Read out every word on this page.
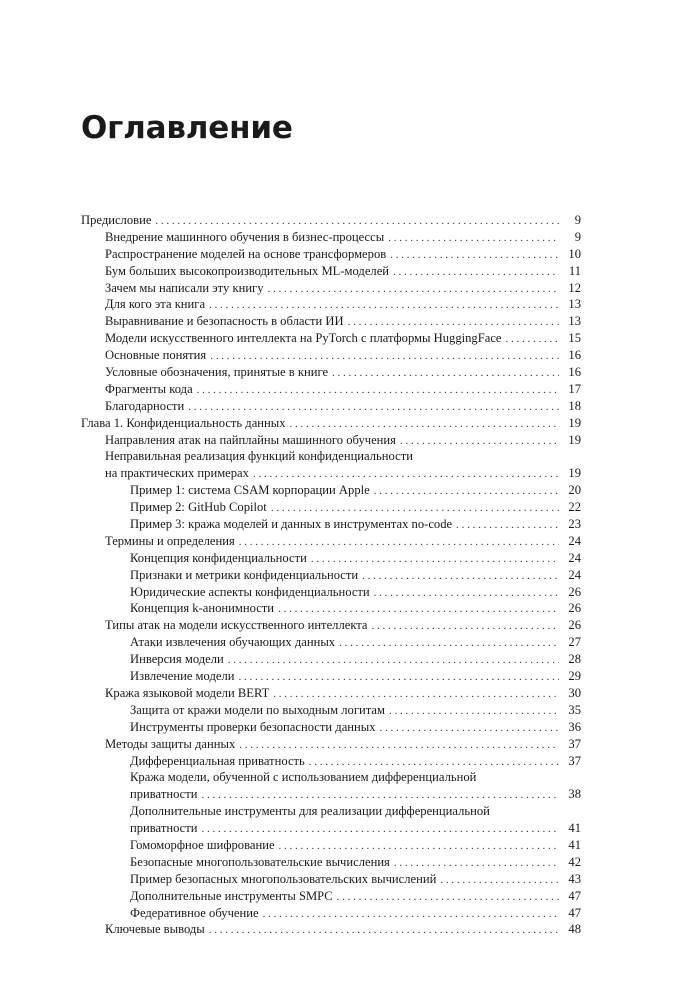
Оглавление
Предисловие . . .	9
Внедрение машинного обучения в бизнес-процессы . . .	9
Распространение моделей на основе трансформеров . . .	10
Бум больших высокопроизводительных ML-моделей . . .	11
Зачем мы написали эту книгу . . .	12
Для кого эта книга . . .	13
Выравнивание и безопасность в области ИИ . . .	13
Модели искусственного интеллекта на PyTorch с платформы HuggingFace . . .	15
Основные понятия . . .	16
Условные обозначения, принятые в книге . . .	16
Фрагменты кода . . .	17
Благодарности . . .	18
Глава 1. Конфиденциальность данных . . .	19
Направления атак на пайплайны машинного обучения . . .	19
Неправильная реализация функций конфиденциальности
на практических примерах . . .	19
Пример 1: система CSAM корпорации Apple . . .	20
Пример 2: GitHub Copilot . . .	22
Пример 3: кража моделей и данных в инструментах no-code . . .	23
Термины и определения . . .	24
Концепция конфиденциальности . . .	24
Признаки и метрики конфиденциальности . . .	24
Юридические аспекты конфиденциальности . . .	26
Концепция k-анонимности . . .	26
Типы атак на модели искусственного интеллекта . . .	26
Атаки извлечения обучающих данных . . .	27
Инверсия модели . . .	28
Извлечение модели . . .	29
Кража языковой модели BERT . . .	30
Защита от кражи модели по выходным логитам . . .	35
Инструменты проверки безопасности данных . . .	36
Методы защиты данных . . .	37
Дифференциальная приватность . . .	37
Кража модели, обученной с использованием дифференциальной
приватности . . .	38
Дополнительные инструменты для реализации дифференциальной
приватности . . .	41
Гомоморфное шифрование . . .	41
Безопасные многопользовательские вычисления . . .	42
Пример безопасных многопользовательских вычислений . . .	43
Дополнительные инструменты SMPC . . .	47
Федеративное обучение . . .	47
Ключевые выводы . . .	48
